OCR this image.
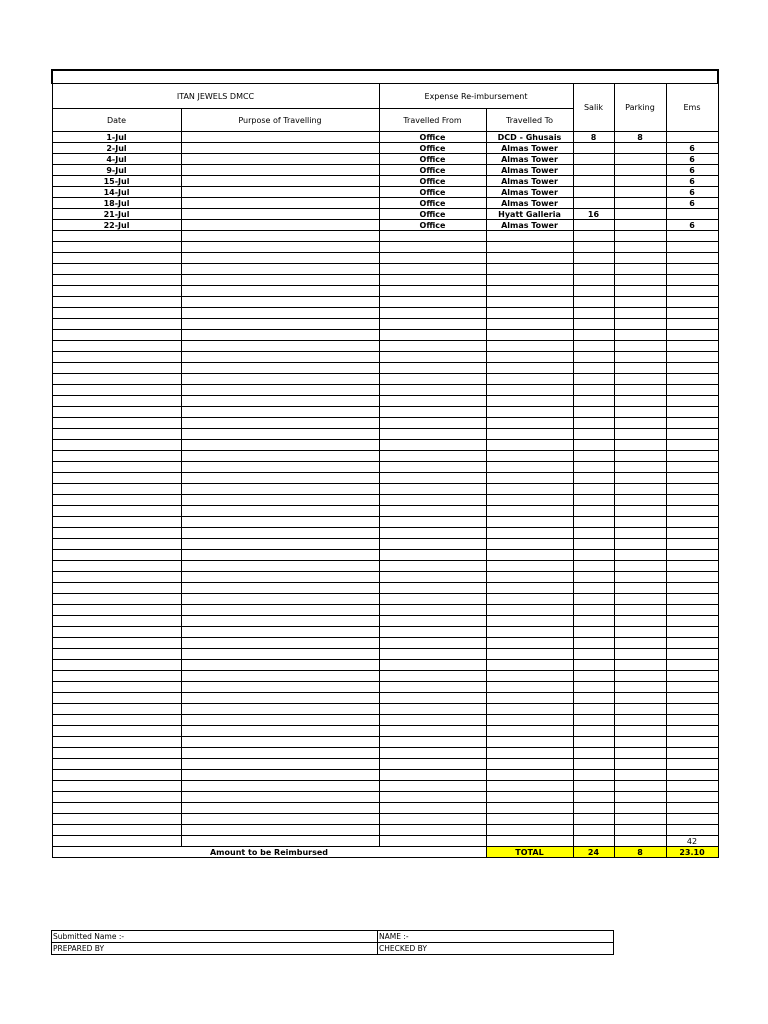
ITAN JEWELS DMCC		Expense Re-imbursement		Salik	Parking	Ems
Date	Purpose of Travelling	Travelled From	Travelled To			
1-Jul		Office	DCD - Ghusais	8	8	
2-Jul		Office	Almas Tower			6
4-Jul		Office	Almas Tower			6
9-Jul		Office	Almas Tower			6
15-Jul		Office	Almas Tower			6
14-Jul		Office	Almas Tower			6
18-Jul		Office	Almas Tower			6
21-Jul		Office	Hyatt Galleria	16		
22-Jul		Office	Almas Tower			6

						42
Amount to be Reimbursed			TOTAL	24	8	23.10
Submitted Name :-	NAME :-
PREPARED BY	CHECKED BY
